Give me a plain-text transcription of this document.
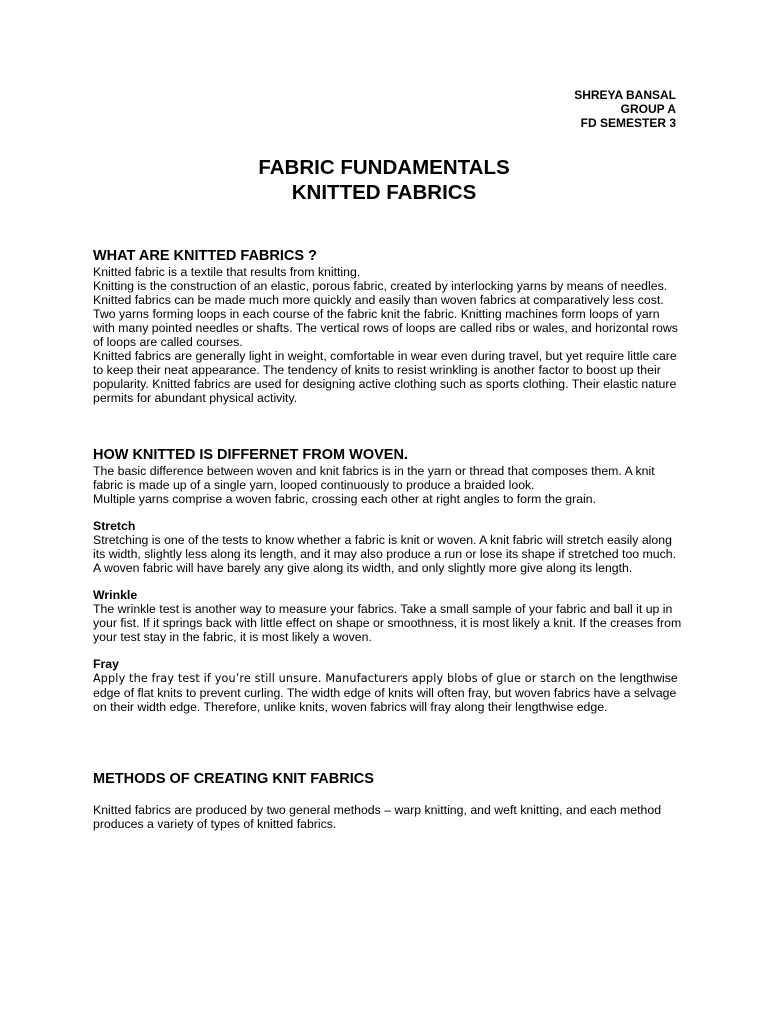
SHREYA BANSAL
GROUP A
FD SEMESTER 3
FABRIC FUNDAMENTALS
KNITTED FABRICS
WHAT ARE KNITTED FABRICS ?

Knitted fabric is a textile that results from knitting.

Knitting is the construction of an elastic, porous fabric, created by interlocking yarns by means of needles.

Knitted fabrics can be made much more quickly and easily than woven fabrics at comparatively less cost. Two yarns forming loops in each course of the fabric knit the fabric. Knitting machines form loops of yarn with many pointed needles or shafts. The vertical rows of loops are called ribs or wales, and horizontal rows of loops are called courses.

Knitted fabrics are generally light in weight, comfortable in wear even during travel, but yet require little care to keep their neat appearance. The tendency of knits to resist wrinkling is another factor to boost up their popularity. Knitted fabrics are used for designing active clothing such as sports clothing. Their elastic nature permits for abundant physical activity.

HOW KNITTED IS DIFFERNET FROM WOVEN.

The basic difference between woven and knit fabrics is in the yarn or thread that composes them. A knit fabric is made up of a single yarn, looped continuously to produce a braided look.

Multiple yarns comprise a woven fabric, crossing each other at right angles to form the grain.

Stretch

Stretching is one of the tests to know whether a fabric is knit or woven. A knit fabric will stretch easily along its width, slightly less along its length, and it may also produce a run or lose its shape if stretched too much. A woven fabric will have barely any give along its width, and only slightly more give along its length.

Wrinkle

The wrinkle test is another way to measure your fabrics. Take a small sample of your fabric and ball it up in your fist. If it springs back with little effect on shape or smoothness, it is most likely a knit. If the creases from your test stay in the fabric, it is most likely a woven.

Fray

Apply the fray test if you’re still unsure. Manufacturers apply blobs of glue or starch on the lengthwise edge of flat knits to prevent curling. The width edge of knits will often fray, but woven fabrics have a selvage on their width edge. Therefore, unlike knits, woven fabrics will fray along their lengthwise edge.

METHODS OF CREATING KNIT FABRICS

Knitted fabrics are produced by two general methods – warp knitting, and weft knitting, and each method produces a variety of types of knitted fabrics.
